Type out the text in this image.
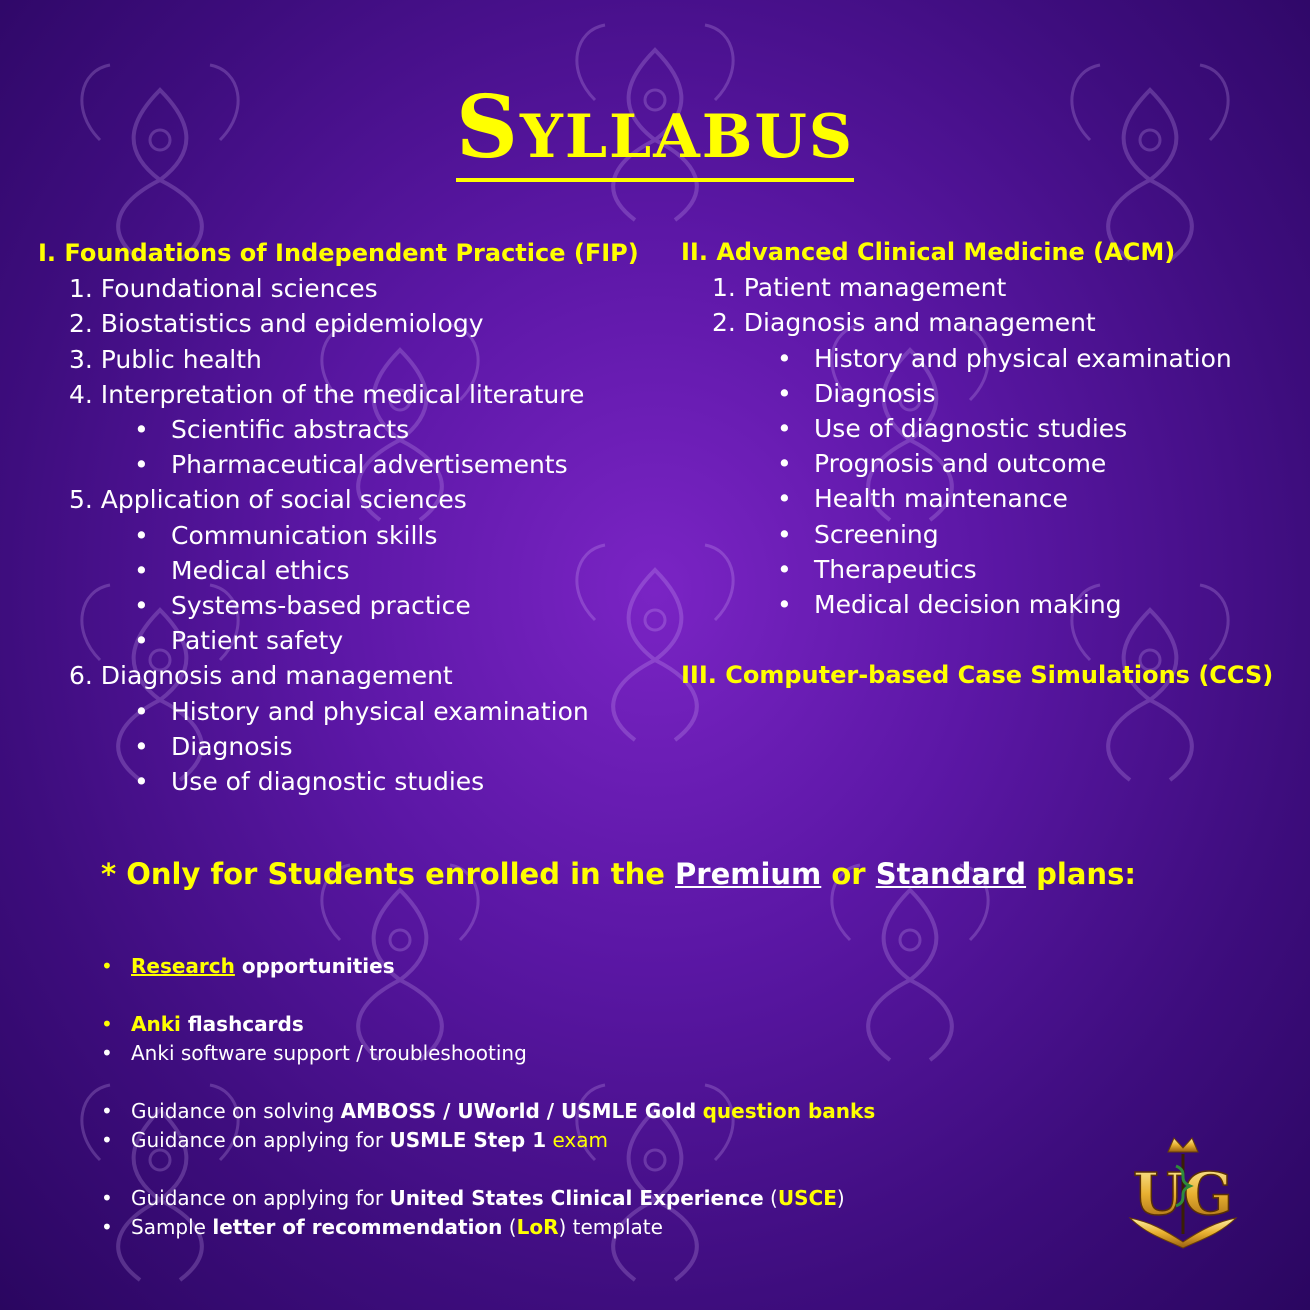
Syllabus
I. Foundations of Independent Practice (FIP)
1. Foundational sciences
2. Biostatistics and epidemiology
3. Public health
4. Interpretation of the medical literature
• Scientific abstracts
• Pharmaceutical advertisements
5. Application of social sciences
• Communication skills
• Medical ethics
• Systems-based practice
• Patient safety
6. Diagnosis and management
• History and physical examination
• Diagnosis
• Use of diagnostic studies
II. Advanced Clinical Medicine (ACM)
1. Patient management
2. Diagnosis and management
• History and physical examination
• Diagnosis
• Use of diagnostic studies
• Prognosis and outcome
• Health maintenance
• Screening
• Therapeutics
• Medical decision making
III. Computer-based Case Simulations (CCS)
* Only for Students enrolled in the Premium or Standard plans:
• Research opportunities
• Anki flashcards
• Anki software support / troubleshooting
• Guidance on solving AMBOSS / UWorld / USMLE Gold question banks
• Guidance on applying for USMLE Step 1 exam
• Guidance on applying for United States Clinical Experience (USCE)
• Sample letter of recommendation (LoR) template	UG
